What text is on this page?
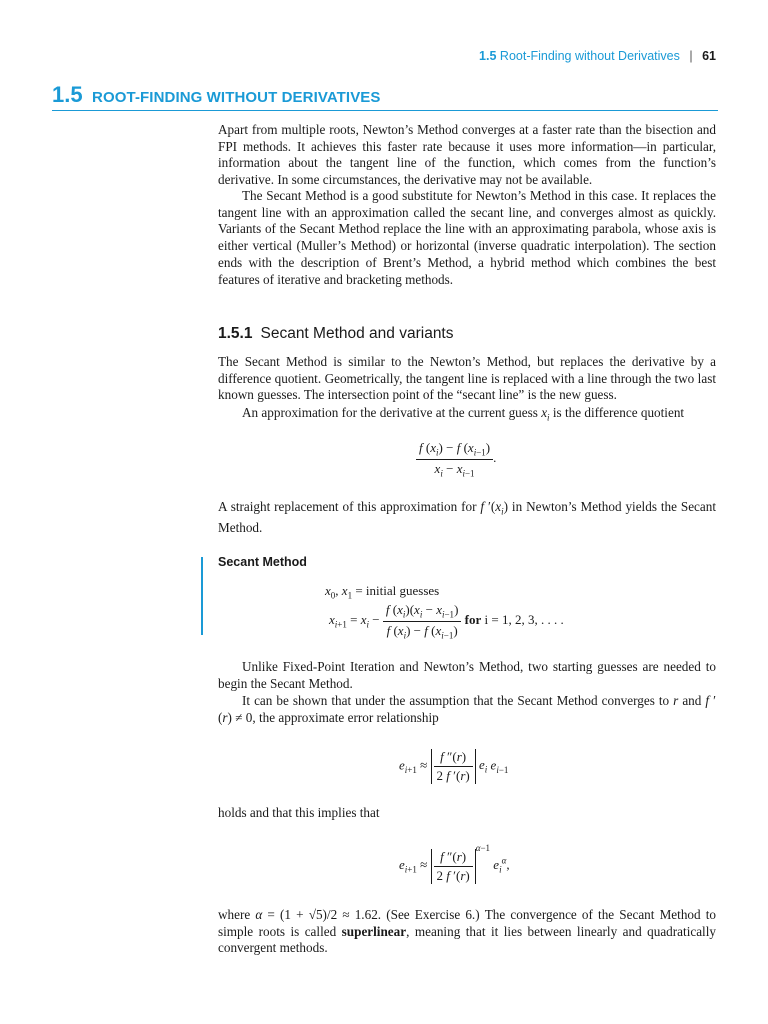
1.5 Root-Finding without Derivatives | 61
1.5 ROOT-FINDING WITHOUT DERIVATIVES

Apart from multiple roots, Newton’s Method converges at a faster rate than the bisection and FPI methods. It achieves this faster rate because it uses more information—in particular, information about the tangent line of the function, which comes from the function’s derivative. In some circumstances, the derivative may not be available.

The Secant Method is a good substitute for Newton’s Method in this case. It replaces the tangent line with an approximation called the secant line, and converges almost as quickly. Variants of the Secant Method replace the line with an approximating parabola, whose axis is either vertical (Muller’s Method) or horizontal (inverse quadratic interpolation). The section ends with the description of Brent’s Method, a hybrid method which combines the best features of iterative and bracketing methods.

1.5.1 Secant Method and variants

The Secant Method is similar to the Newton’s Method, but replaces the derivative by a difference quotient. Geometrically, the tangent line is replaced with a line through the two last known guesses. The intersection point of the “secant line” is the new guess.

An approximation for the derivative at the current guess $x_i$ is the difference quotient

$\frac{f (x_i) - f (x_{i-1})}{x_i - x_{i-1}}$ .

A straight replacement of this approximation for f $'(x_i)$ in Newton’s Method yields the Secant Method.

Secant Method
$x_0$, $x_1$ = initial guesses
$x_{i+1} = x_i - \frac{f (x_i)(x_i - x_{i-1})}{f (x_i) - f (x_{i-1})}$ for i = 1, 2, 3, . . . .

Unlike Fixed-Point Iteration and Newton’s Method, two starting guesses are needed to begin the Secant Method.

It can be shown that under the assumption that the Secant Method converges to r and f ′(r) ≠ 0, the approximate error relationship

$e_{i+1} \approx \frac{f ''(r)}{2 f '(r)} e_i$ $e_{i-1}$

holds and that this implies that

$e_{i+1} \approx \frac{f ''(r)}{2 f '(r)}$
$^{\alpha-1}$ $e_i^\alpha$,

where α = (1 + √5)/2 ≈ 1.62. (See Exercise 6.) The convergence of the Secant Method to simple roots is called superlinear, meaning that it lies between linearly and quadratically convergent methods.
